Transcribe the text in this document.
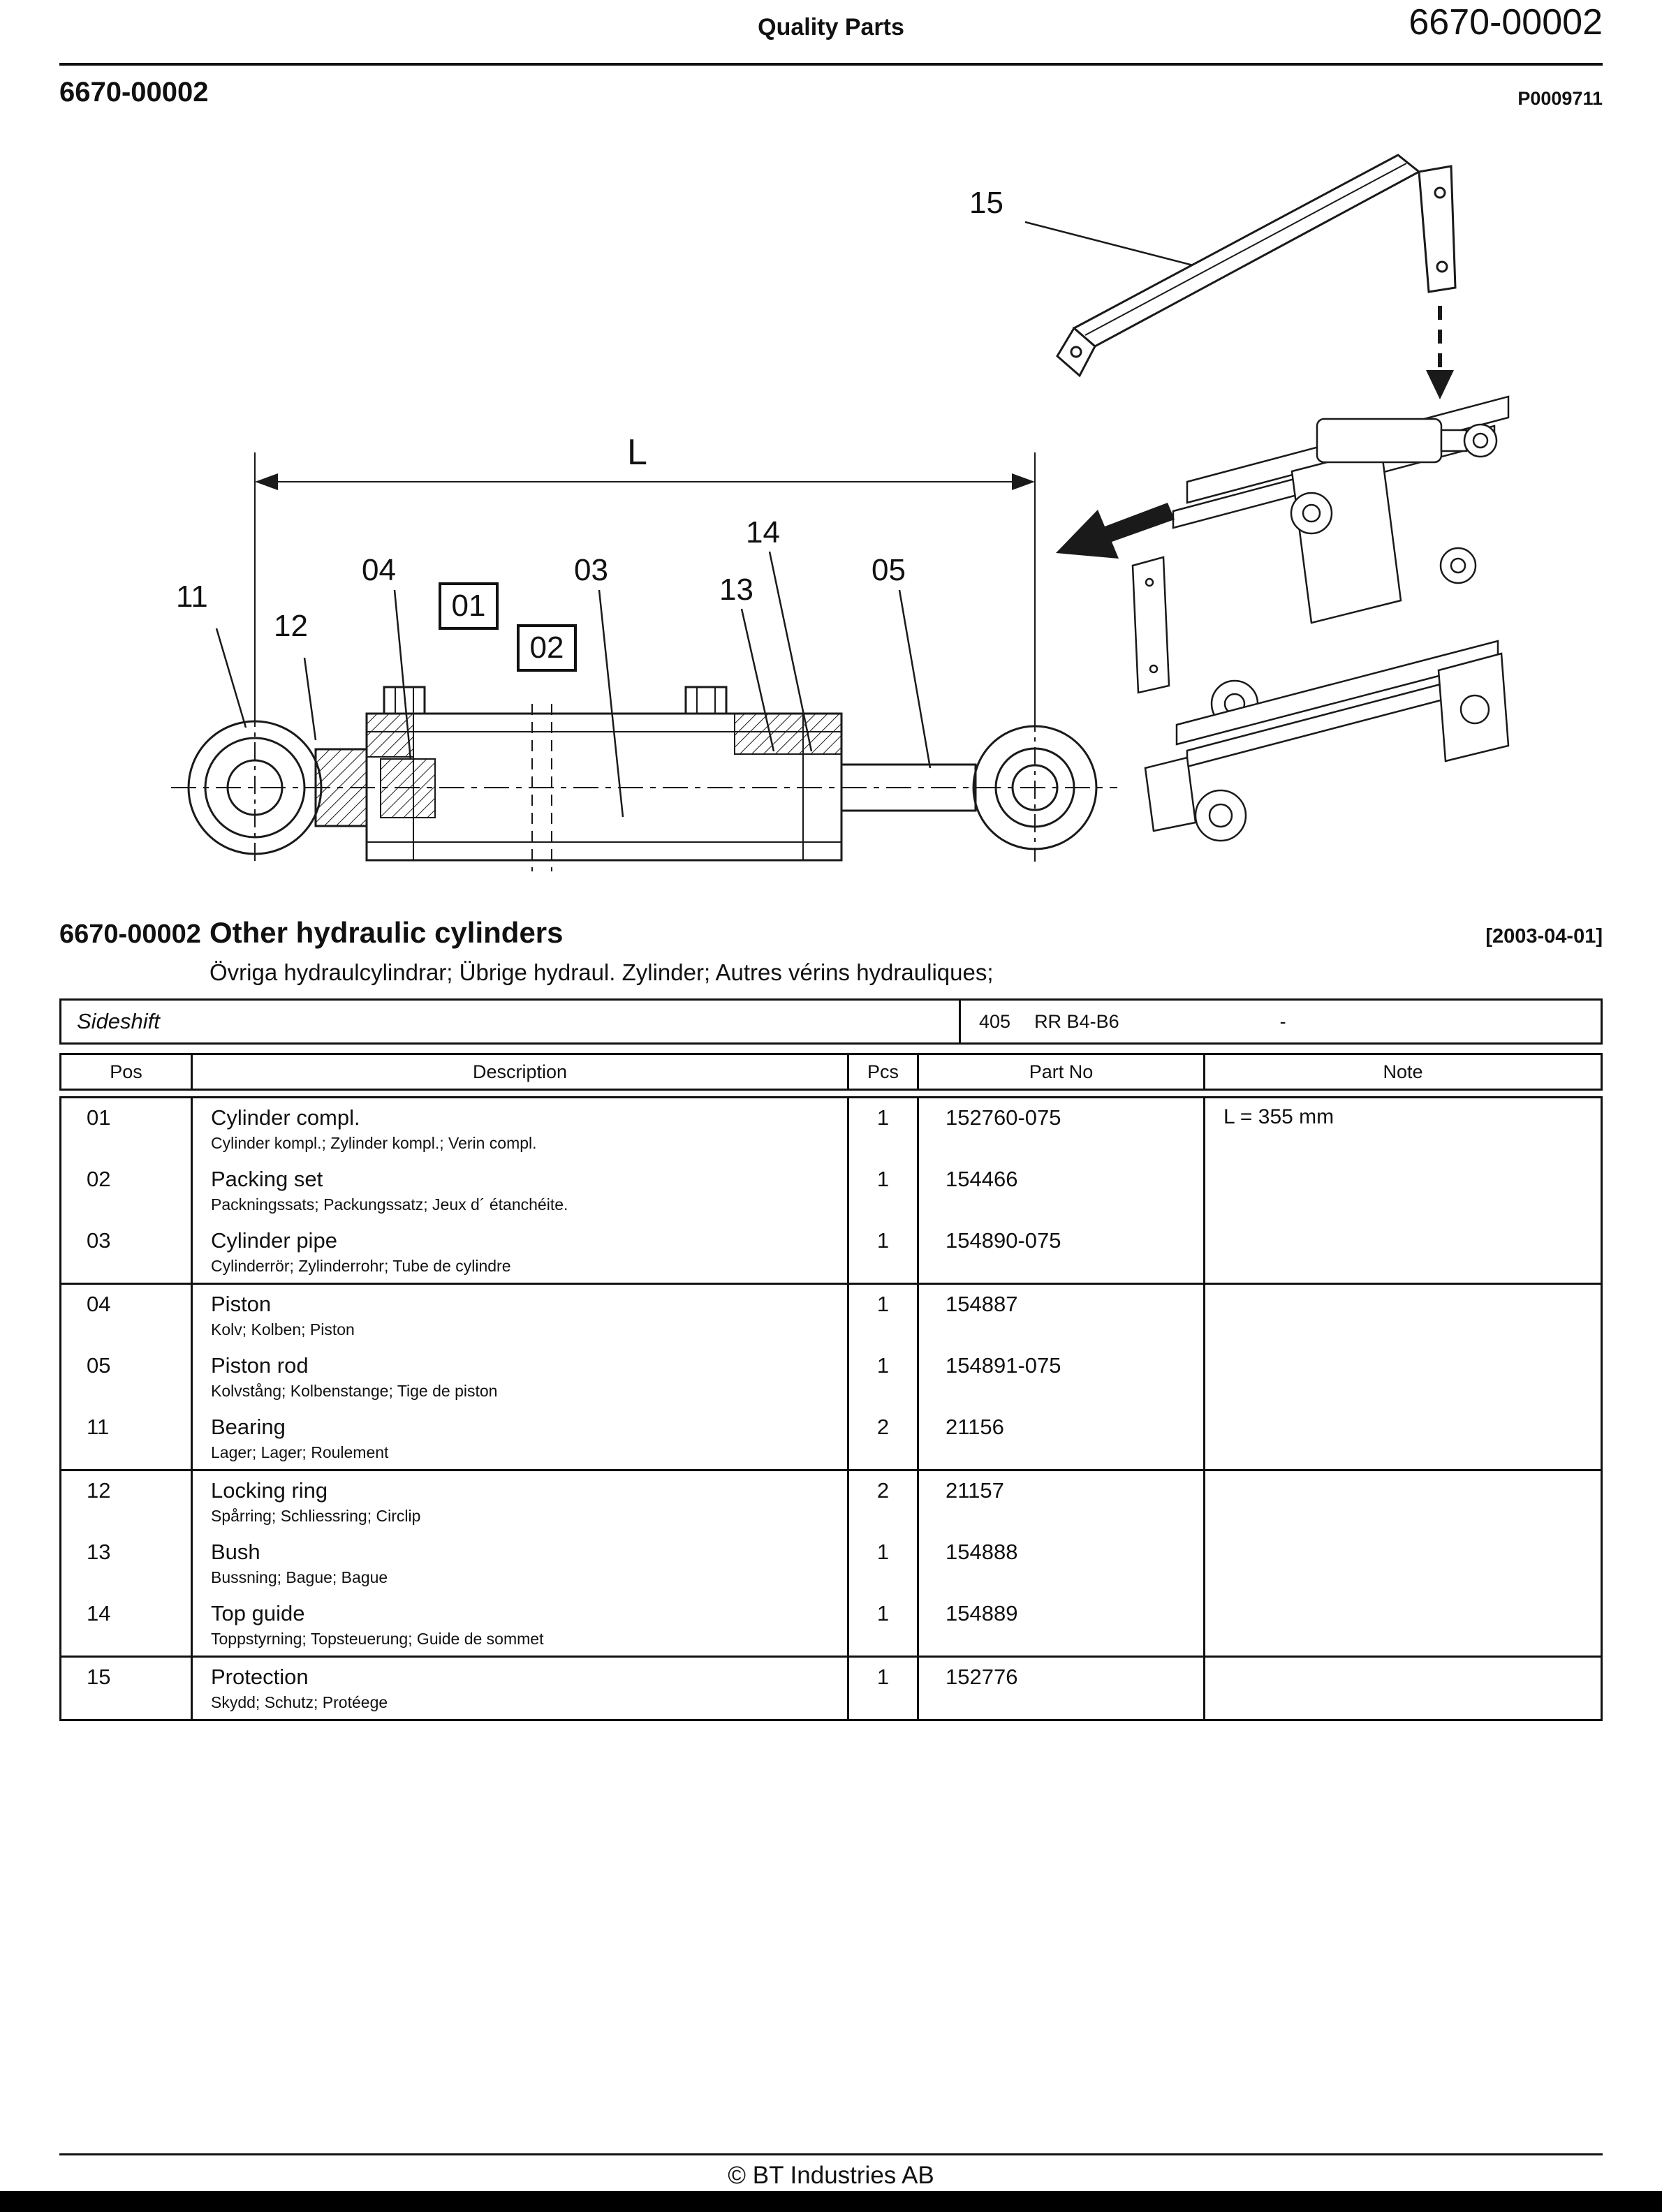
Quality Parts	6670-00002
6670-00002	P0009711
L
11
12
04
01
02
03
13
14
05
15
6670-00002 Other hydraulic cylinders	[2003-04-01]
Övriga hydraulcylindrar; Übrige hydraul. Zylinder; Autres vérins hydrauliques;
Sideshift	405 RR B4-B6	-
Pos	Description	Pcs	Part No	Note
01	Cylinder compl.
Cylinder kompl.; Zylinder kompl.; Verin compl.
1	152760-075	L = 355 mm
02	Packing set
Packningssats; Packungssatz; Jeux d´ étanchéite.
1	154466
03	Cylinder pipe
Cylinderrör; Zylinderrohr; Tube de cylindre
1	154890-075
04	Piston
Kolv; Kolben; Piston
1	154887
05	Piston rod
Kolvstång; Kolbenstange; Tige de piston
1	154891-075
11	Bearing
Lager; Lager; Roulement
2	21156
12	Locking ring
Spårring; Schliessring; Circlip
2	21157
13	Bush
Bussning; Bague; Bague
1	154888
14	Top guide
Toppstyrning; Topsteuerung; Guide de sommet
1	154889
15	Protection
Skydd; Schutz; Protéege
1	152776
© BT Industries AB
